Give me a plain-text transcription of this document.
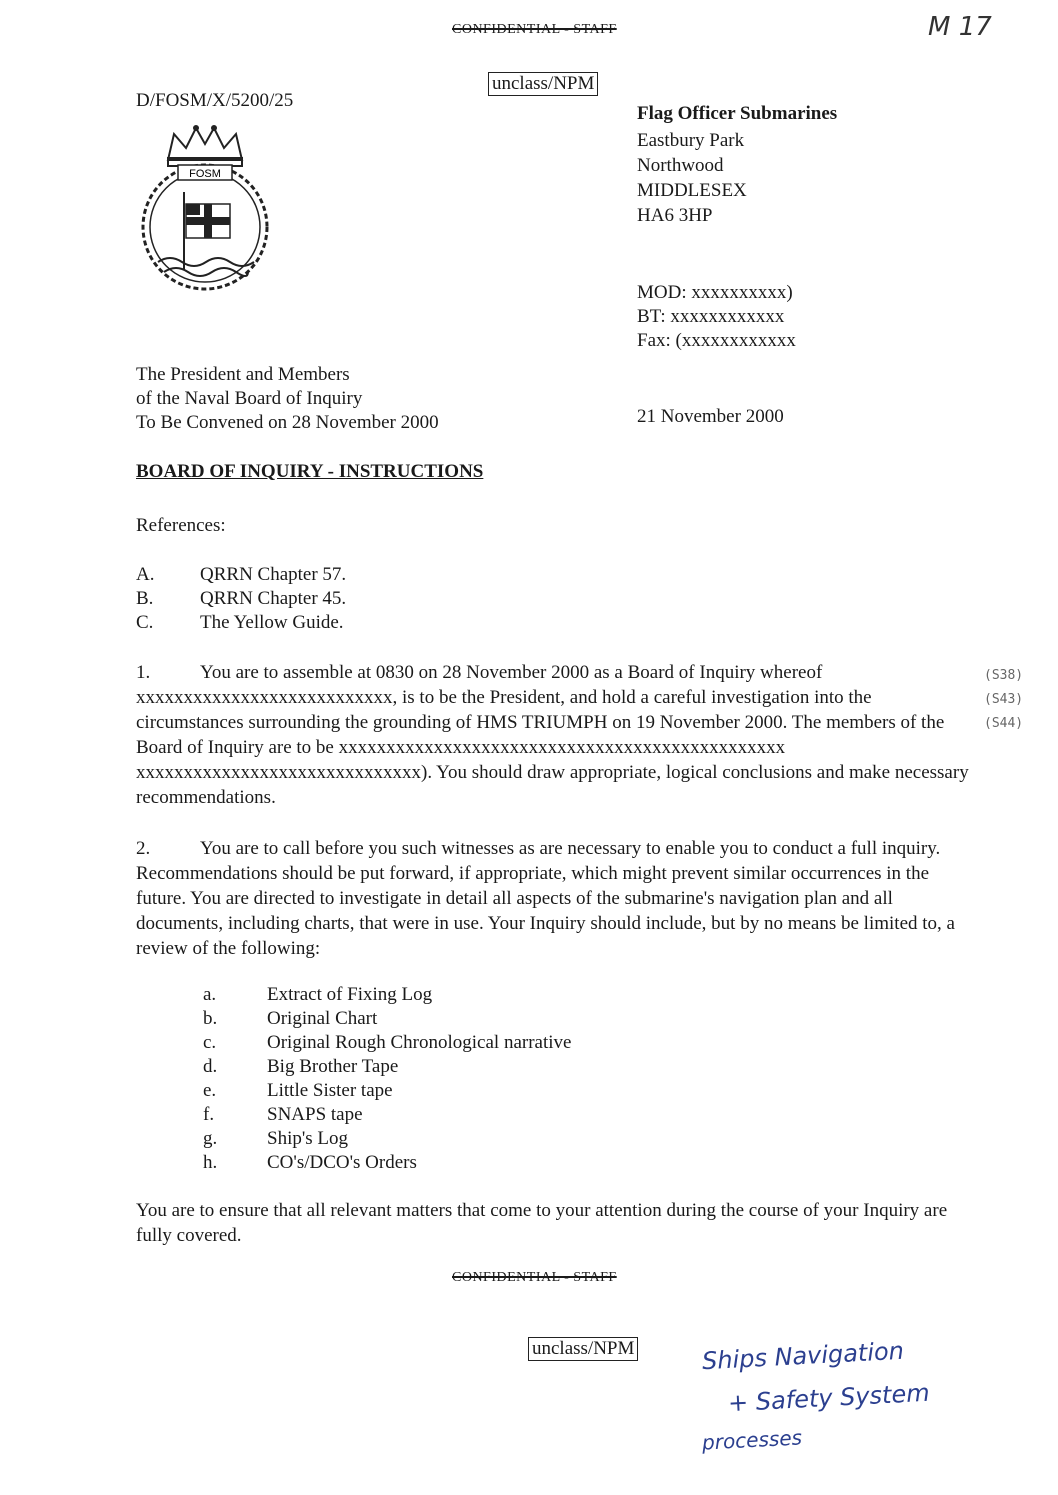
CONFIDENTIAL - STAFF	M 17
unclass/NPM
D/FOSM/X/5200/25
FOSM
Flag Officer Submarines
Eastbury Park
Northwood
MIDDLESEX
HA6 3HP
MOD: xxxxxxxxxx)
BT: xxxxxxxxxxxx
Fax: (xxxxxxxxxxxx
The President and Members
of the Naval Board of Inquiry
To Be Convened on 28 November 2000	21 November 2000
BOARD OF INQUIRY - INSTRUCTIONS
References:
A. QRRN Chapter 57.
B. QRRN Chapter 45.
C. The Yellow Guide.
1.	You are to assemble at 0830 on 28 November 2000 as a Board of Inquiry whereof xxxxxxxxxxxxxxxxxxxxxxxxxxx, is to be the President, and hold a careful investigation into the circumstances surrounding the grounding of HMS TRIUMPH on 19 November 2000. The members of the Board of Inquiry are to be xxxxxxxxxxxxxxxxxxxxxxxxxxxxxxxxxxxxxxxxxxxxxxx xxxxxxxxxxxxxxxxxxxxxxxxxxxxxx). You should draw appropriate, logical conclusions and make necessary recommendations.
(S38)
(S43)
(S44)
2.	You are to call before you such witnesses as are necessary to enable you to conduct a full inquiry. Recommendations should be put forward, if appropriate, which might prevent similar occurrences in the future. You are directed to investigate in detail all aspects of the submarine's navigation plan and all documents, including charts, that were in use. Your Inquiry should include, but by no means be limited to, a review of the following:
a.	Extract of Fixing Log
b.	Original Chart
c.	Original Rough Chronological narrative
d.	Big Brother Tape
e.	Little Sister tape
f.	SNAPS tape
g.	Ship's Log
h.	CO's/DCO's Orders
You are to ensure that all relevant matters that come to your attention during the course of your Inquiry are fully covered.
CONFIDENTIAL - STAFF
unclass/NPM	Ships Navigation
+ Safety System
processes
